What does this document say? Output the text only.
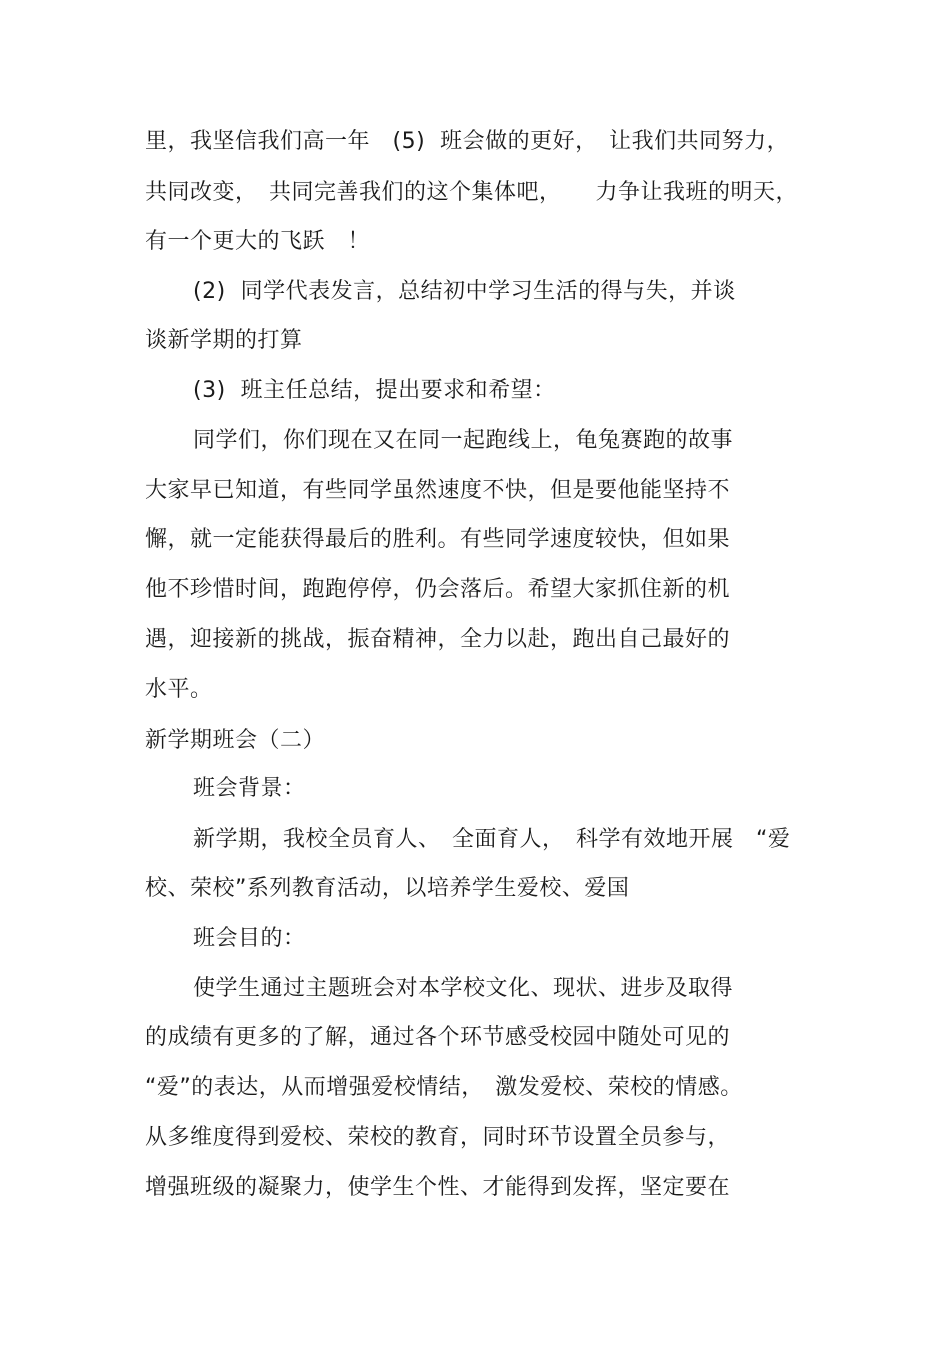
里，我坚信我们高一年　(5)  班会做的更好，　让我们共同努力，
共同改变，　共同完善我们的这个集体吧，　　力争让我班的明天，
有一个更大的飞跃　！
(2)  同学代表发言，总结初中学习生活的得与失，并谈
谈新学期的打算
(3)  班主任总结，提出要求和希望：
同学们，你们现在又在同一起跑线上，龟兔赛跑的故事
大家早已知道，有些同学虽然速度不快，但是要他能坚持不
懈，就一定能获得最后的胜利。有些同学速度较快，但如果
他不珍惜时间，跑跑停停，仍会落后。希望大家抓住新的机
遇，迎接新的挑战，振奋精神，全力以赴，跑出自己最好的
水平。
新学期班会（二）
班会背景：
新学期，我校全员育人、　全面育人，　科学有效地开展　“爱
校、荣校”系列教育活动，以培养学生爱校、爱国
班会目的：
使学生通过主题班会对本学校文化、现状、进步及取得
的成绩有更多的了解，通过各个环节感受校园中随处可见的
“爱”的表达，从而增强爱校情结，　激发爱校、荣校的情感。
从多维度得到爱校、荣校的教育，同时环节设置全员参与，
增强班级的凝聚力，使学生个性、才能得到发挥，坚定要在
